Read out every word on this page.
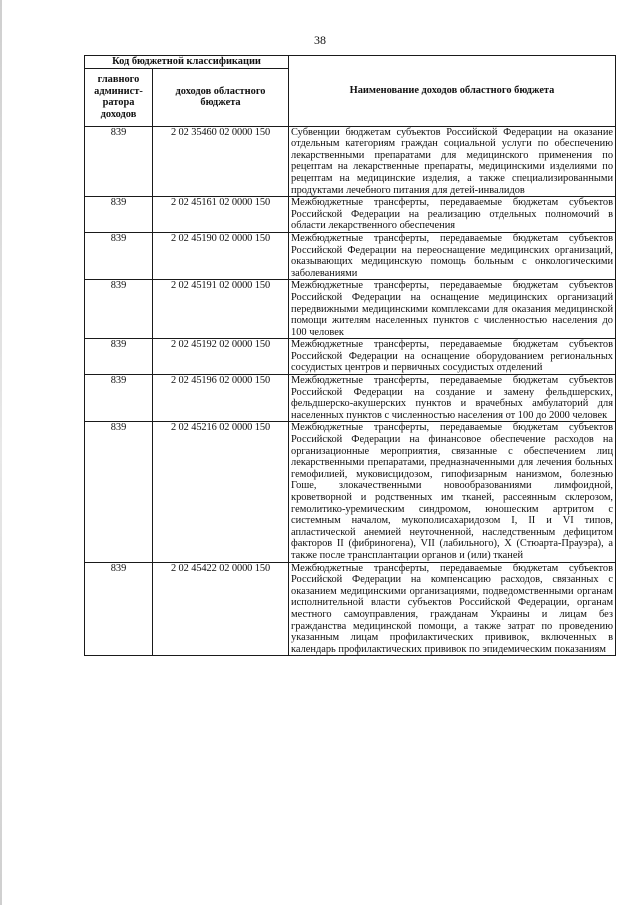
38
Код бюджетной классификации		Наименование доходов областного бюджета
главного админист-ратора доходов	доходов областного бюджета	
839	2 02 35460 02 0000 150	Субвенции бюджетам субъектов Российской Федерации на оказание отдельным категориям граждан социальной услуги по обеспечению лекарственными препаратами для медицинского применения по рецептам на лекарственные препараты, медицинскими изделиями по рецептам на медицинские изделия, а также специализированными продуктами лечебного питания для детей-инвалидов
839	2 02 45161 02 0000 150	Межбюджетные трансферты, передаваемые бюджетам субъектов Российской Федерации на реализацию отдельных полномочий в области лекарственного обеспечения
839	2 02 45190 02 0000 150	Межбюджетные трансферты, передаваемые бюджетам субъектов Российской Федерации на переоснащение медицинских организаций, оказывающих медицинскую помощь больным с онкологическими заболеваниями
839	2 02 45191 02 0000 150	Межбюджетные трансферты, передаваемые бюджетам субъектов Российской Федерации на оснащение медицинских организаций передвижными медицинскими комплексами для оказания медицинской помощи жителям населенных пунктов с численностью населения до 100 человек
839	2 02 45192 02 0000 150	Межбюджетные трансферты, передаваемые бюджетам субъектов Российской Федерации на оснащение оборудованием региональных сосудистых центров и первичных сосудистых отделений
839	2 02 45196 02 0000 150	Межбюджетные трансферты, передаваемые бюджетам субъектов Российской Федерации на создание и замену фельдшерских, фельдшерско-акушерских пунктов и врачебных амбулаторий для населенных пунктов с численностью населения от 100 до 2000 человек
839	2 02 45216 02 0000 150	Межбюджетные трансферты, передаваемые бюджетам субъектов Российской Федерации на финансовое обеспечение расходов на организационные мероприятия, связанные с обеспечением лиц лекарственными препаратами, предназначенными для лечения больных гемофилией, муковисцидозом, гипофизарным нанизмом, болезнью Гоше, злокачественными новообразованиями лимфоидной, кроветворной и родственных им тканей, рассеянным склерозом, гемолитико-уремическим синдромом, юношеским артритом с системным началом, мукополисахаридозом I, II и VI типов, апластической анемией неуточненной, наследственным дефицитом факторов II (фибриногена), VII (лабильного), X (Стюарта-Прауэра), а также после трансплантации органов и (или) тканей
839	2 02 45422 02 0000 150	Межбюджетные трансферты, передаваемые бюджетам субъектов Российской Федерации на компенсацию расходов, связанных с оказанием медицинскими организациями, подведомственными органам исполнительной власти субъектов Российской Федерации, органам местного самоуправления, гражданам Украины и лицам без гражданства медицинской помощи, а также затрат по проведению указанным лицам профилактических прививок, включенных в календарь профилактических прививок по эпидемическим показаниям
